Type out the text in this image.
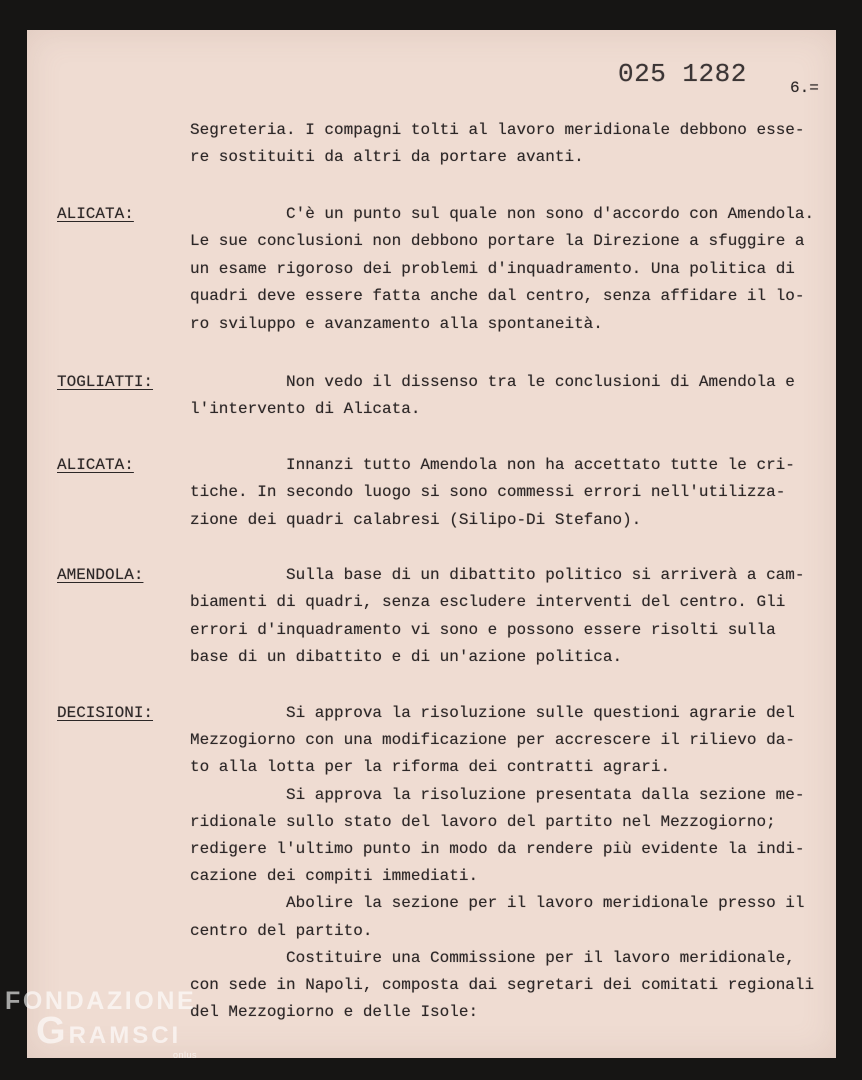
025 1282	6.=
Segreteria. I compagni tolti al lavoro meridionale debbono esse-
re sostituiti da altri da portare avanti.
ALICATA:	C'è un punto sul quale non sono d'accordo con Amendola.
Le sue conclusioni non debbono portare la Direzione a sfuggire a
un esame rigoroso dei problemi d'inquadramento. Una politica di
quadri deve essere fatta anche dal centro, senza affidare il lo-
ro sviluppo e avanzamento alla spontaneità.
TOGLIATTI:	Non vedo il dissenso tra le conclusioni di Amendola e
l'intervento di Alicata.
ALICATA:	Innanzi tutto Amendola non ha accettato tutte le cri-
tiche. In secondo luogo si sono commessi errori nell'utilizza-
zione dei quadri calabresi (Silipo-Di Stefano).
AMENDOLA:	Sulla base di un dibattito politico si arriverà a cam-
biamenti di quadri, senza escludere interventi del centro. Gli
errori d'inquadramento vi sono e possono essere risolti sulla
base di un dibattito e di un'azione politica.
DECISIONI:	Si approva la risoluzione sulle questioni agrarie del
Mezzogiorno con una modificazione per accrescere il rilievo da-
to alla lotta per la riforma dei contratti agrari.
Si approva la risoluzione presentata dalla sezione me-
ridionale sullo stato del lavoro del partito nel Mezzogiorno;
redigere l'ultimo punto in modo da rendere più evidente la indi-
cazione dei compiti immediati.
Abolire la sezione per il lavoro meridionale presso il
centro del partito.
Costituire una Commissione per il lavoro meridionale,
con sede in Napoli, composta dai segretari dei comitati regionali
del Mezzogiorno e delle Isole:
FONDAZIONE
GRAMSCI
onlus
